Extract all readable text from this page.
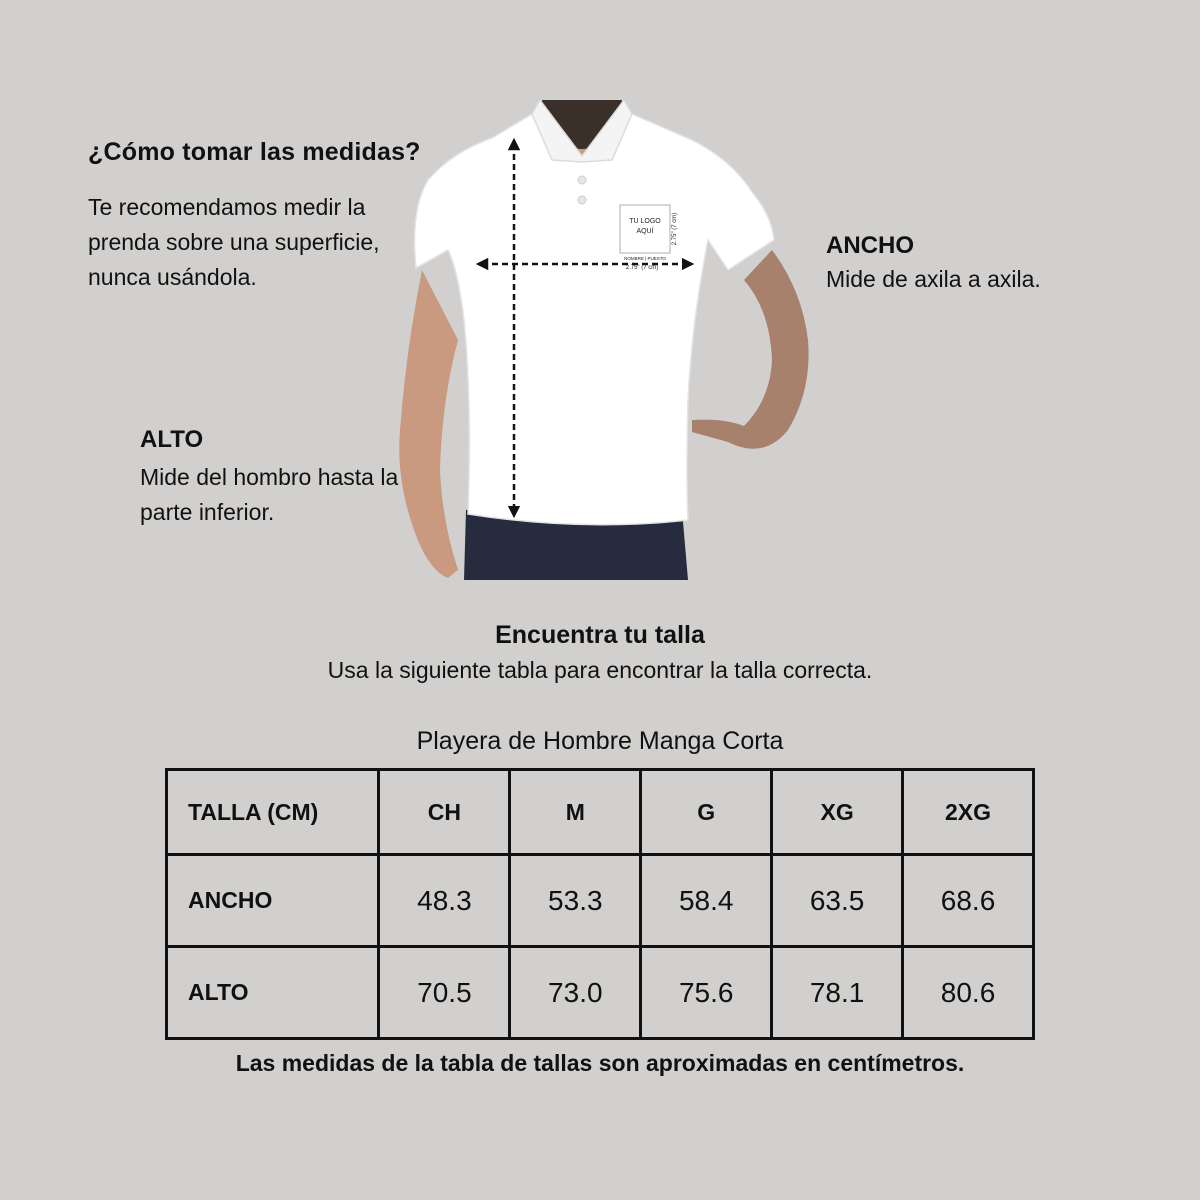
¿Cómo tomar las medidas?
Te recomendamos medir la prenda sobre una superficie, nunca usándola.
ANCHO
Mide de axila a axila.
ALTO
Mide del hombro hasta la parte inferior.
TU LOGO
AQUÍ	2.75" (7 cm)
NOMBRE | PUESTO
2.75" (7 cm)
Encuentra tu talla
Usa la siguiente tabla para encontrar la talla correcta.
Playera de Hombre Manga Corta
TALLA (CM)	CH	M	G	XG	2XG
ANCHO	48.3	53.3	58.4	63.5	68.6
ALTO	70.5	73.0	75.6	78.1	80.6
Las medidas de la tabla de tallas son aproximadas en centímetros.
